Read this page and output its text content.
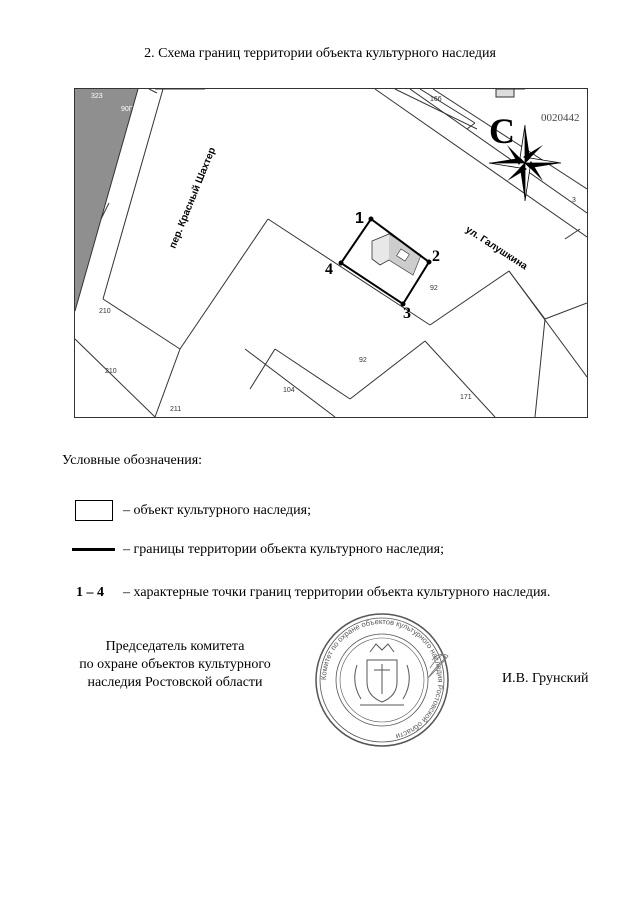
2. Схема границ территории объекта культурного наследия
1
2
3
4
пер. Красный Шахтер	ул. Галушкина
323
90Г
166
3
210
210
211
104
92
92
171
0020442
С
Условные обозначения:
– объект культурного наследия;
– границы территории объекта культурного наследия;
1 – 4 – характерные точки границ территории объекта культурного наследия.
Председатель комитета
по охране объектов культурного
наследия Ростовской области	Комитет по охране объектов культурного наследия Ростовской области
И.В. Грунский
